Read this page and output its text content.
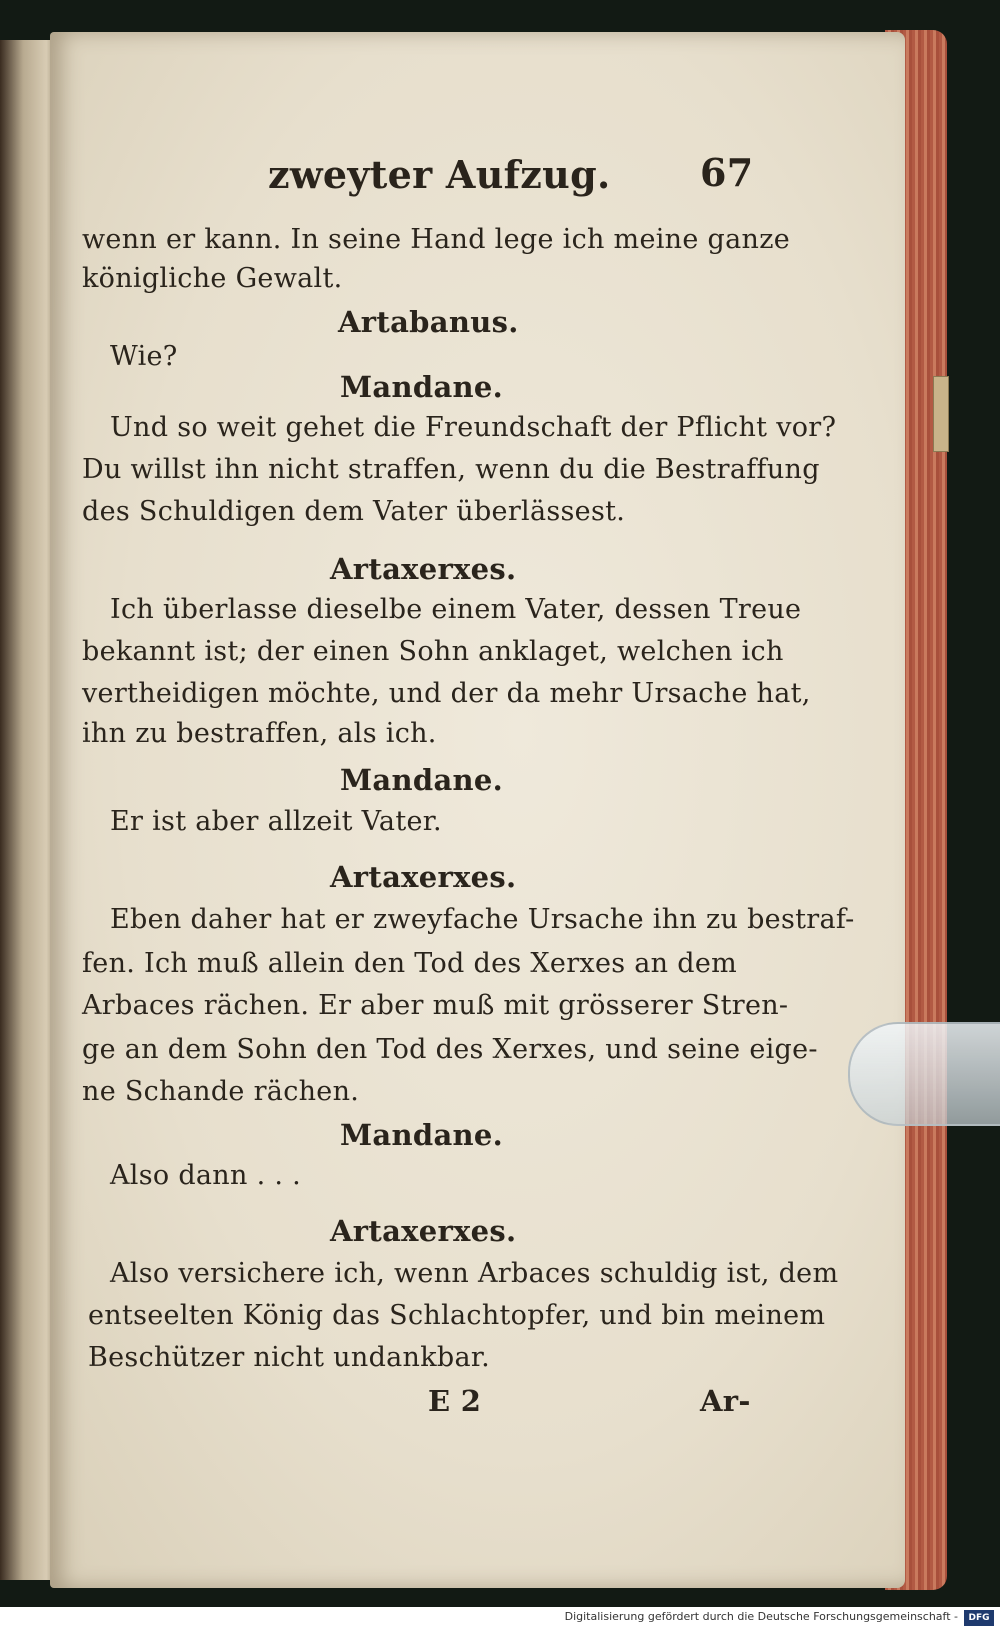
zweyter Aufzug. 67
wenn er kann. In seine Hand lege ich meine ganze
königliche Gewalt.
Artabanus.
Wie?
Mandane.
Und so weit gehet die Freundschaft der Pflicht vor?
Du willst ihn nicht straffen, wenn du die Bestraffung
des Schuldigen dem Vater überlässest.
Artaxerxes.
Ich überlasse dieselbe einem Vater, dessen Treue
bekannt ist; der einen Sohn anklaget, welchen ich
vertheidigen möchte, und der da mehr Ursache hat,
ihn zu bestraffen, als ich.
Mandane.
Er ist aber allzeit Vater.
Artaxerxes.
Eben daher hat er zweyfache Ursache ihn zu bestraf-
fen. Ich muß allein den Tod des Xerxes an dem
Arbaces rächen. Er aber muß mit grösserer Stren-
ge an dem Sohn den Tod des Xerxes, und seine eige-
ne Schande rächen.
Mandane.
Also dann . . .
Artaxerxes.
Also versichere ich, wenn Arbaces schuldig ist, dem
entseelten König das Schlachtopfer, und bin meinem
Beschützer nicht undankbar.
E 2	Ar-
Digitalisierung gefördert durch die Deutsche Forschungsgemeinschaft -	DFG
